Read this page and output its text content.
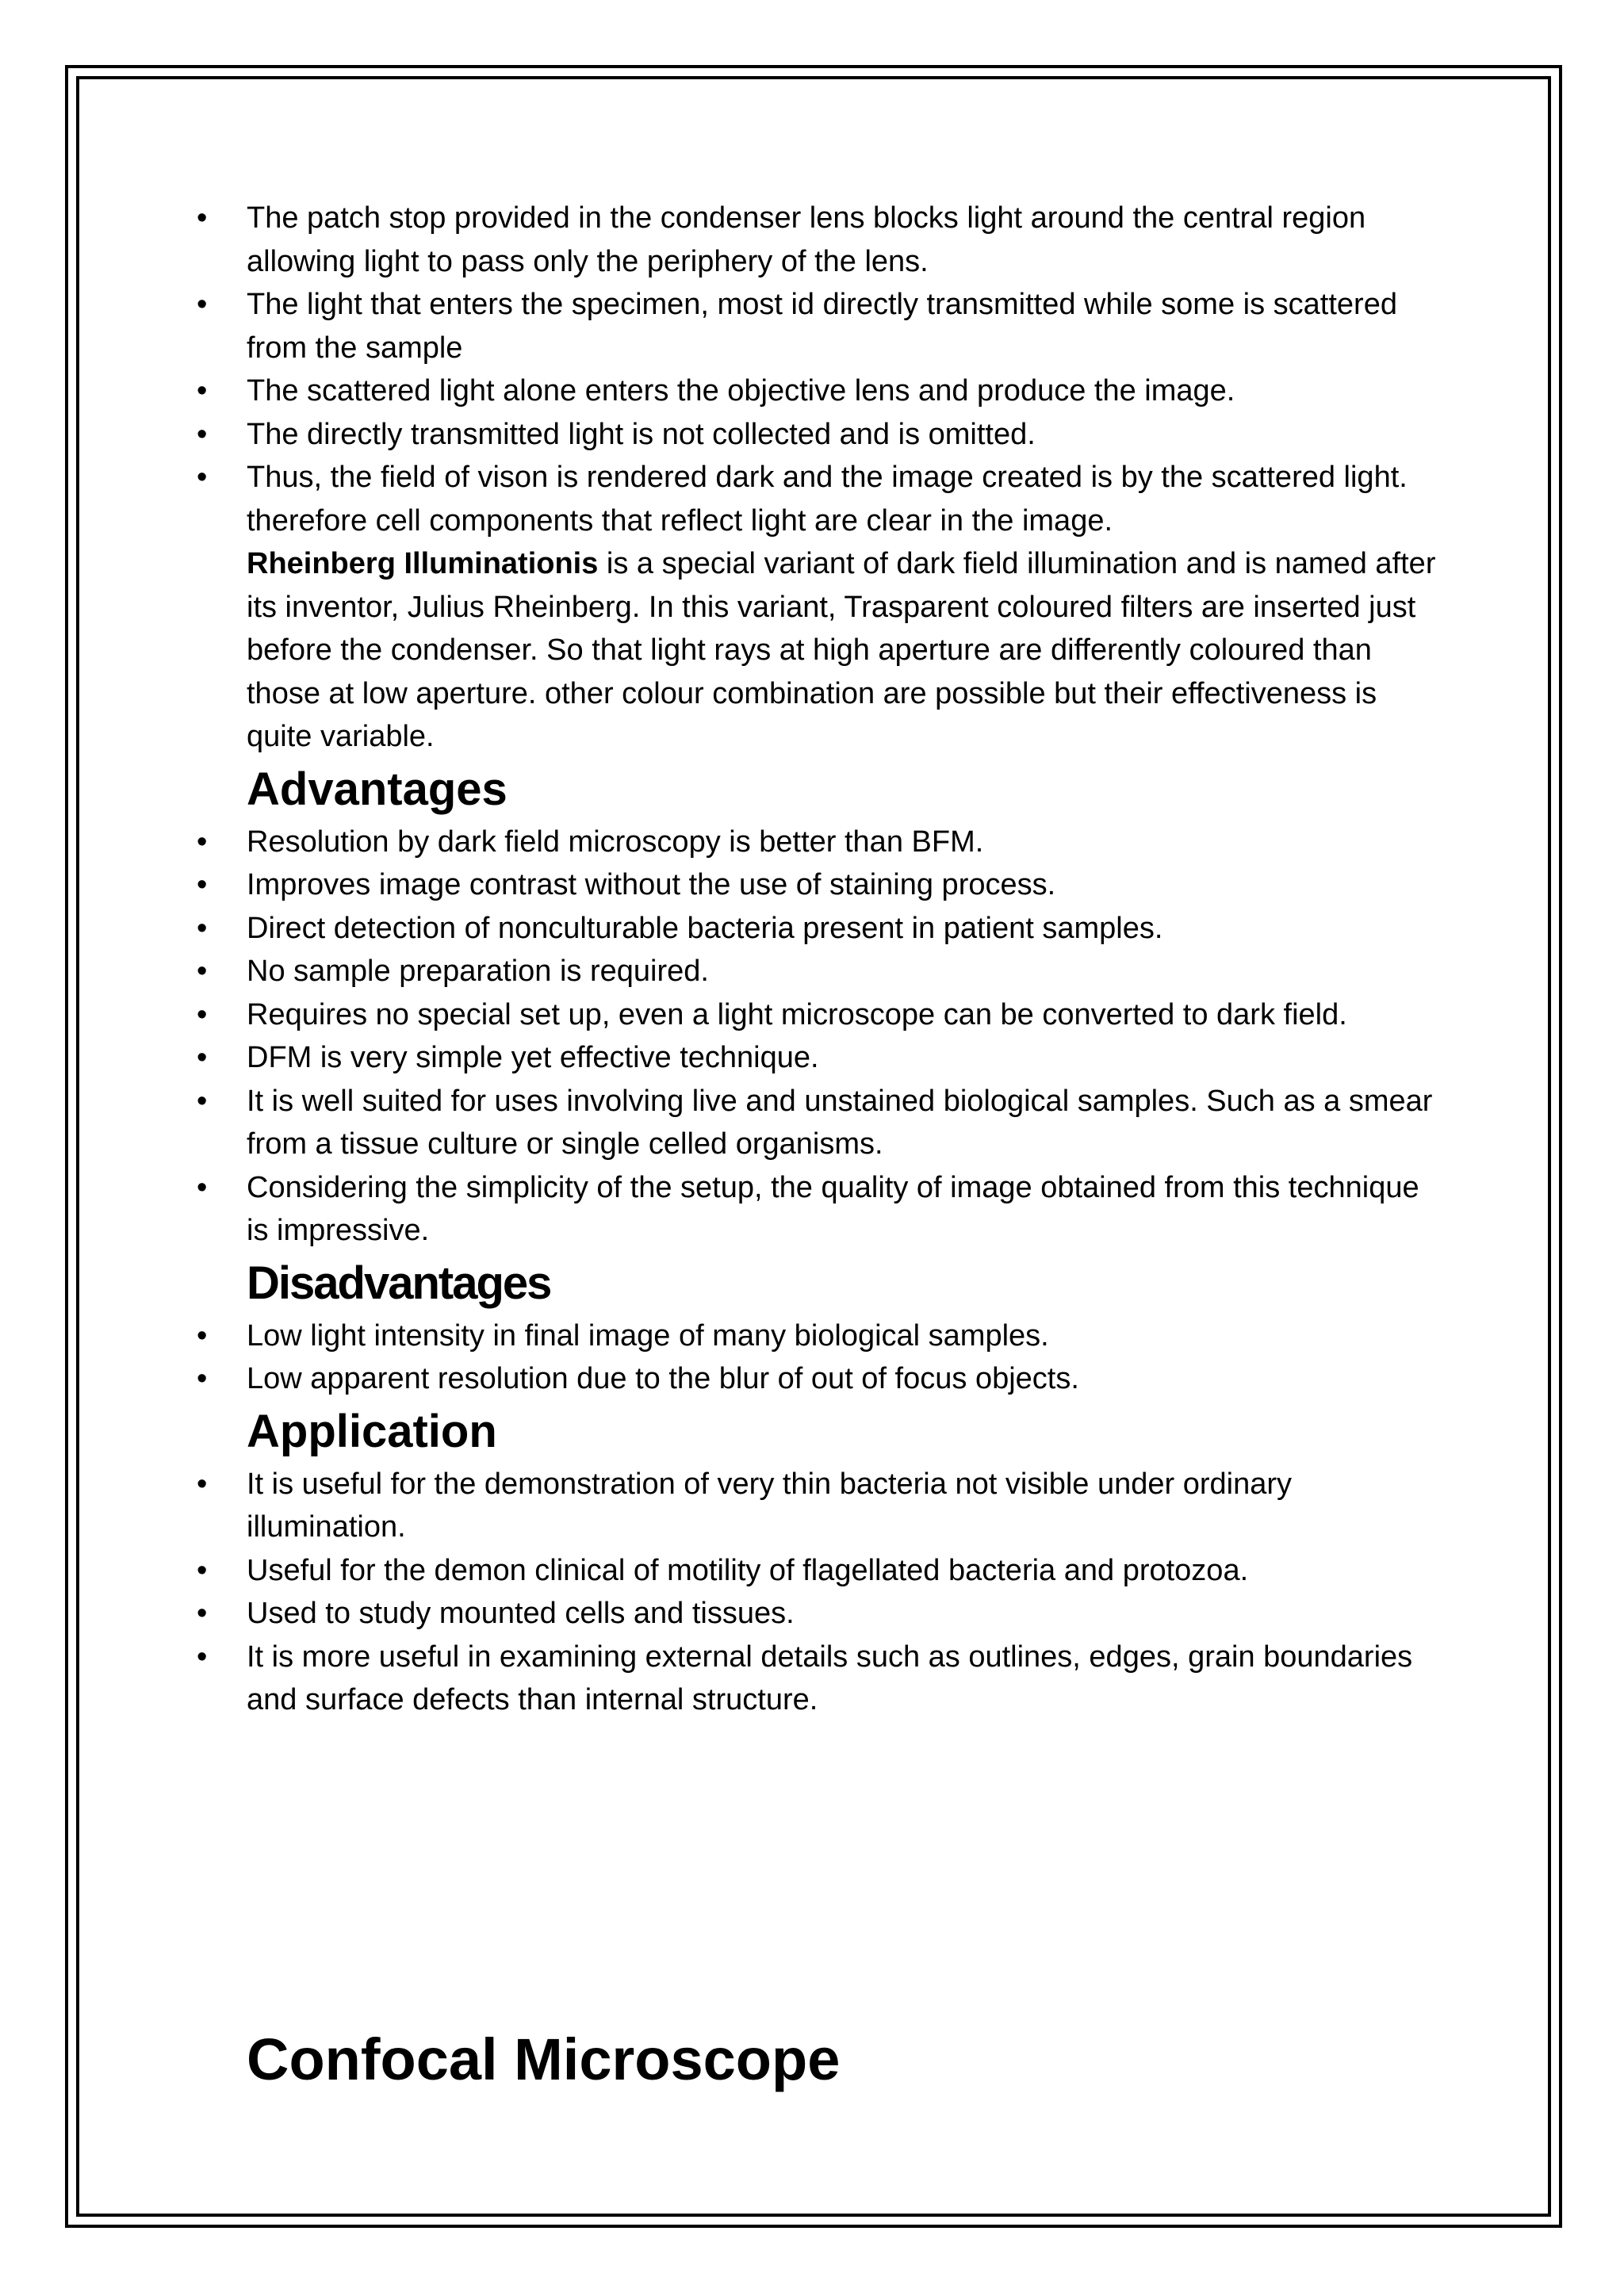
• The patch stop provided in the condenser lens blocks light around the central region allowing light to pass only the periphery of the lens.
• The light that enters the specimen, most id directly transmitted while some is scattered from the sample
• The scattered light alone enters the objective lens and produce the image.
• The directly transmitted light is not collected and is omitted.
• Thus, the field of vison is rendered dark and the image created is by the scattered light. therefore cell components that reflect light are clear in the image.

Rheinberg Illuminationis is a special variant of dark field illumination and is named after its inventor, Julius Rheinberg. In this variant, Trasparent coloured filters are inserted just before the condenser. So that light rays at high aperture are differently coloured than those at low aperture. other colour combination are possible but their effectiveness is quite variable.

Advantages
• Resolution by dark field microscopy is better than BFM.
• Improves image contrast without the use of staining process.
• Direct detection of nonculturable bacteria present in patient samples.
• No sample preparation is required.
• Requires no special set up, even a light microscope can be converted to dark field.
• DFM is very simple yet effective technique.
• It is well suited for uses involving live and unstained biological samples. Such as a smear from a tissue culture or single celled organisms.
• Considering the simplicity of the setup, the quality of image obtained from this technique is impressive.
Disadvantages
• Low light intensity in final image of many biological samples.
• Low apparent resolution due to the blur of out of focus objects.
Application
• It is useful for the demonstration of very thin bacteria not visible under ordinary illumination.
• Useful for the demon clinical of motility of flagellated bacteria and protozoa.
• Used to study mounted cells and tissues.
• It is more useful in examining external details such as outlines, edges, grain boundaries and surface defects than internal structure.
Confocal Microscope
